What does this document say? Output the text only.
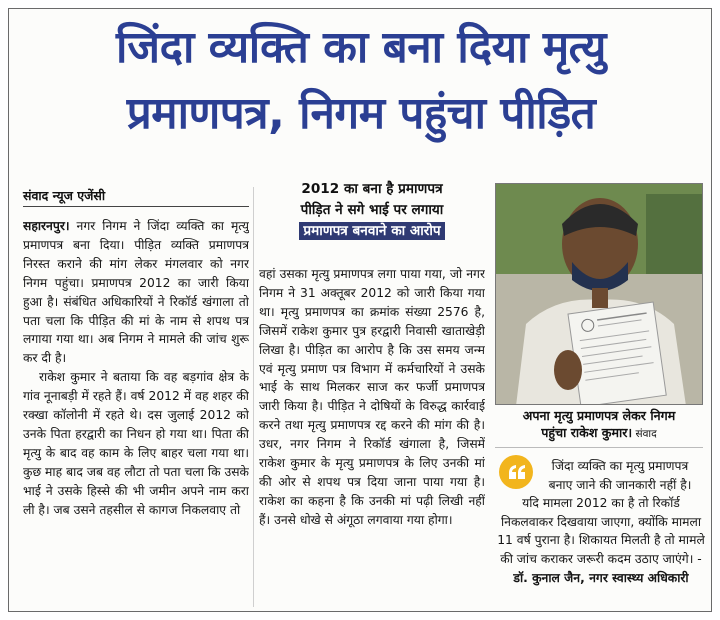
जिंदा व्यक्ति का बना दिया मृत्यु
प्रमाणपत्र, निगम पहुंचा पीड़ित
संवाद न्यूज एजेंसी

सहारनपुर। नगर निगम ने जिंदा व्यक्ति का मृत्यु प्रमाणपत्र बना दिया। पीड़ित व्यक्ति प्रमाणपत्र निरस्त कराने की मांग लेकर मंगलवार को नगर निगम पहुंचा। प्रमाणपत्र 2012 का जारी किया हुआ है। संबंधित अधिकारियों ने रिकॉर्ड खंगाला तो पता चला कि पीड़ित की मां के नाम से शपथ पत्र लगाया गया था। अब निगम ने मामले की जांच शुरू कर दी है।

राकेश कुमार ने बताया कि वह बड़गांव क्षेत्र के गांव नूनाबड़ी में रहते हैं। वर्ष 2012 में वह शहर की रक्खा कॉलोनी में रहते थे। दस जुलाई 2012 को उनके पिता हरद्वारी का निधन हो गया था। पिता की मृत्यु के बाद वह काम के लिए बाहर चला गया था। कुछ माह बाद जब वह लौटा तो पता चला कि उसके भाई ने उसके हिस्से की भी जमीन अपने नाम करा ली है। जब उसने तहसील से कागज निकलवाए तो

2012 का बना है प्रमाणपत्र
पीड़ित ने सगे भाई पर लगाया
प्रमाणपत्र बनवाने का आरोप

वहां उसका मृत्यु प्रमाणपत्र लगा पाया गया, जो नगर निगम ने 31 अक्तूबर 2012 को जारी किया गया था। मृत्यु प्रमाणपत्र का क्रमांक संख्या 2576 है, जिसमें राकेश कुमार पुत्र हरद्वारी निवासी खाताखेड़ी लिखा है। पीड़ित का आरोप है कि उस समय जन्म एवं मृत्यु प्रमाण पत्र विभाग में कर्मचारियों ने उसके भाई के साथ मिलकर साज कर फर्जी प्रमाणपत्र जारी किया है। पीड़ित ने दोषियों के विरुद्ध कार्रवाई करने तथा मृत्यु प्रमाणपत्र रद्द करने की मांग की है। उधर, नगर निगम ने रिकॉर्ड खंगाला है, जिसमें राकेश कुमार के मृत्यु प्रमाणपत्र के लिए उनकी मां की ओर से शपथ पत्र दिया जाना पाया गया है। राकेश का कहना है कि उनकी मां पढ़ी लिखी नहीं हैं। उनसे धोखे से अंगूठा लगवाया गया होगा।

अपना मृत्यु प्रमाणपत्र लेकर निगम
पहुंचा राकेश कुमार। संवाद
जिंदा व्यक्ति का मृत्यु प्रमाणपत्र
बनाए जाने की जानकारी नहीं है।
यदि मामला 2012 का है तो रिकॉर्ड निकलवाकर दिखवाया जाएगा, क्योंकि मामला 11 वर्ष पुराना है। शिकायत मिलती है तो मामले की जांच कराकर जरूरी कदम उठाए जाएंगे। - डॉ. कुनाल जैन, नगर स्वास्थ्य अधिकारी
